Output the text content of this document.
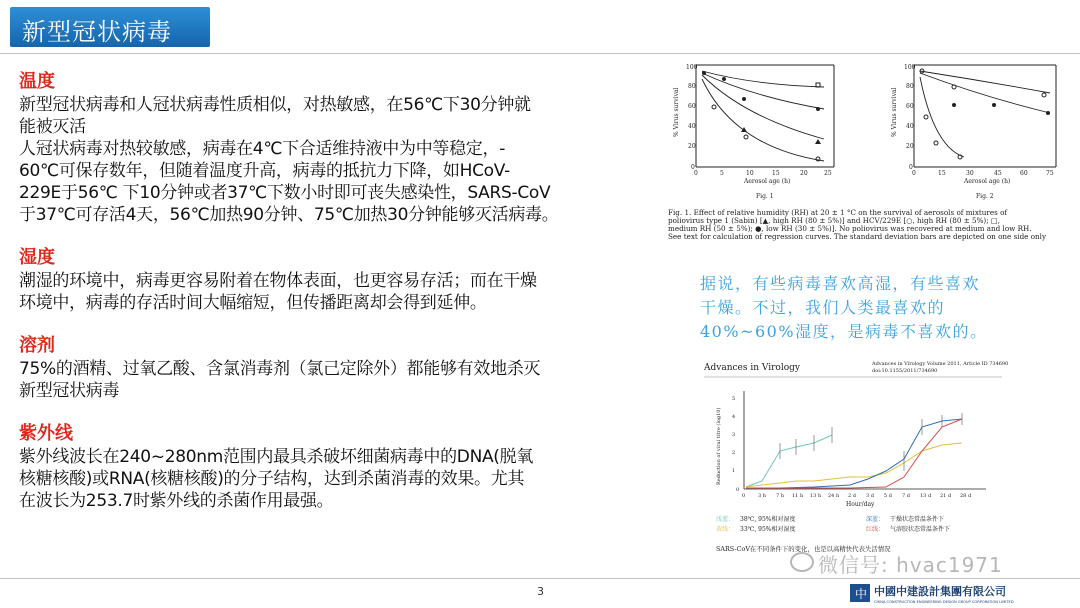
新型冠状病毒
温度
新型冠状病毒和人冠状病毒性质相似，对热敏感，在56℃下30分钟就
能被灭活
人冠状病毒对热较敏感，病毒在4℃下合适维持液中为中等稳定，-
60℃可保存数年，但随着温度升高，病毒的抵抗力下降，如HCoV-
229E于56℃ 下10分钟或者37℃下数小时即可丧失感染性，SARS-CoV
于37℃可存活4天，56℃加热90分钟、75℃加热30分钟能够灭活病毒。
湿度
潮湿的环境中，病毒更容易附着在物体表面，也更容易存活；而在干燥
环境中，病毒的存活时间大幅缩短，但传播距离却会得到延伸。
溶剂
75%的酒精、过氧乙酸、含氯消毒剂（氯己定除外）都能够有效地杀灭
新型冠状病毒
紫外线
紫外线波长在240~280nm范围内最具杀破坏细菌病毒中的DNA(脱氧
核糖核酸)或RNA(核糖核酸)的分子结构，达到杀菌消毒的效果。尤其
在波长为253.7时紫外线的杀菌作用最强。
100
80
60
40
20
0
% Virus survival
0	5	10	15	20	25
Aerosol age (h)
Fig. 1
100
80
60
40
20
0
% Virus survival
0	15	30	45	60	75
Aerosol age (h)
Fig. 2
Fig. 1. Effect of relative humidity (RH) at 20 ± 1 °C on the survival of aerosols of mixtures of
poliovirus type 1 (Sabin) [▲, high RH (80 ± 5%)] and HCV/229E [○, high RH (80 ± 5%); □,
medium RH (50 ± 5%); ●, low RH (30 ± 5%)]. No poliovirus was recovered at medium and low RH.
See text for calculation of regression curves. The standard deviation bars are depicted on one side only
据说，有些病毒喜欢高湿，有些喜欢
干燥。不过，我们人类最喜欢的
40%~60%湿度，是病毒不喜欢的。
Advances in Virology	Advances in Virology Volume 2011, Article ID 734690
doi:10.1155/2011/734690
0
1
2
3
4
5
Reduction of viral titre (log10)
0	3 h 7 h 11 h 13 h 24 h 2 d 3 d 5 d 7 d 13 d 21 d 28 d
Hour/day
浅蓝： 38℃, 95%相对湿度	深蓝： 干燥状态常温条件下
黄线： 33℃, 95%相对湿度	红线： 气溶胶状态常温条件下
SARS-CoV在不同条件下的变化，也是以高精快代表失活情况
微信号: hvac1971
3	中 中國中建設計集團有限公司
CHINA CONSTRUCTION ENGINEERING DESIGN GROUP CORPORATION LIMITED
